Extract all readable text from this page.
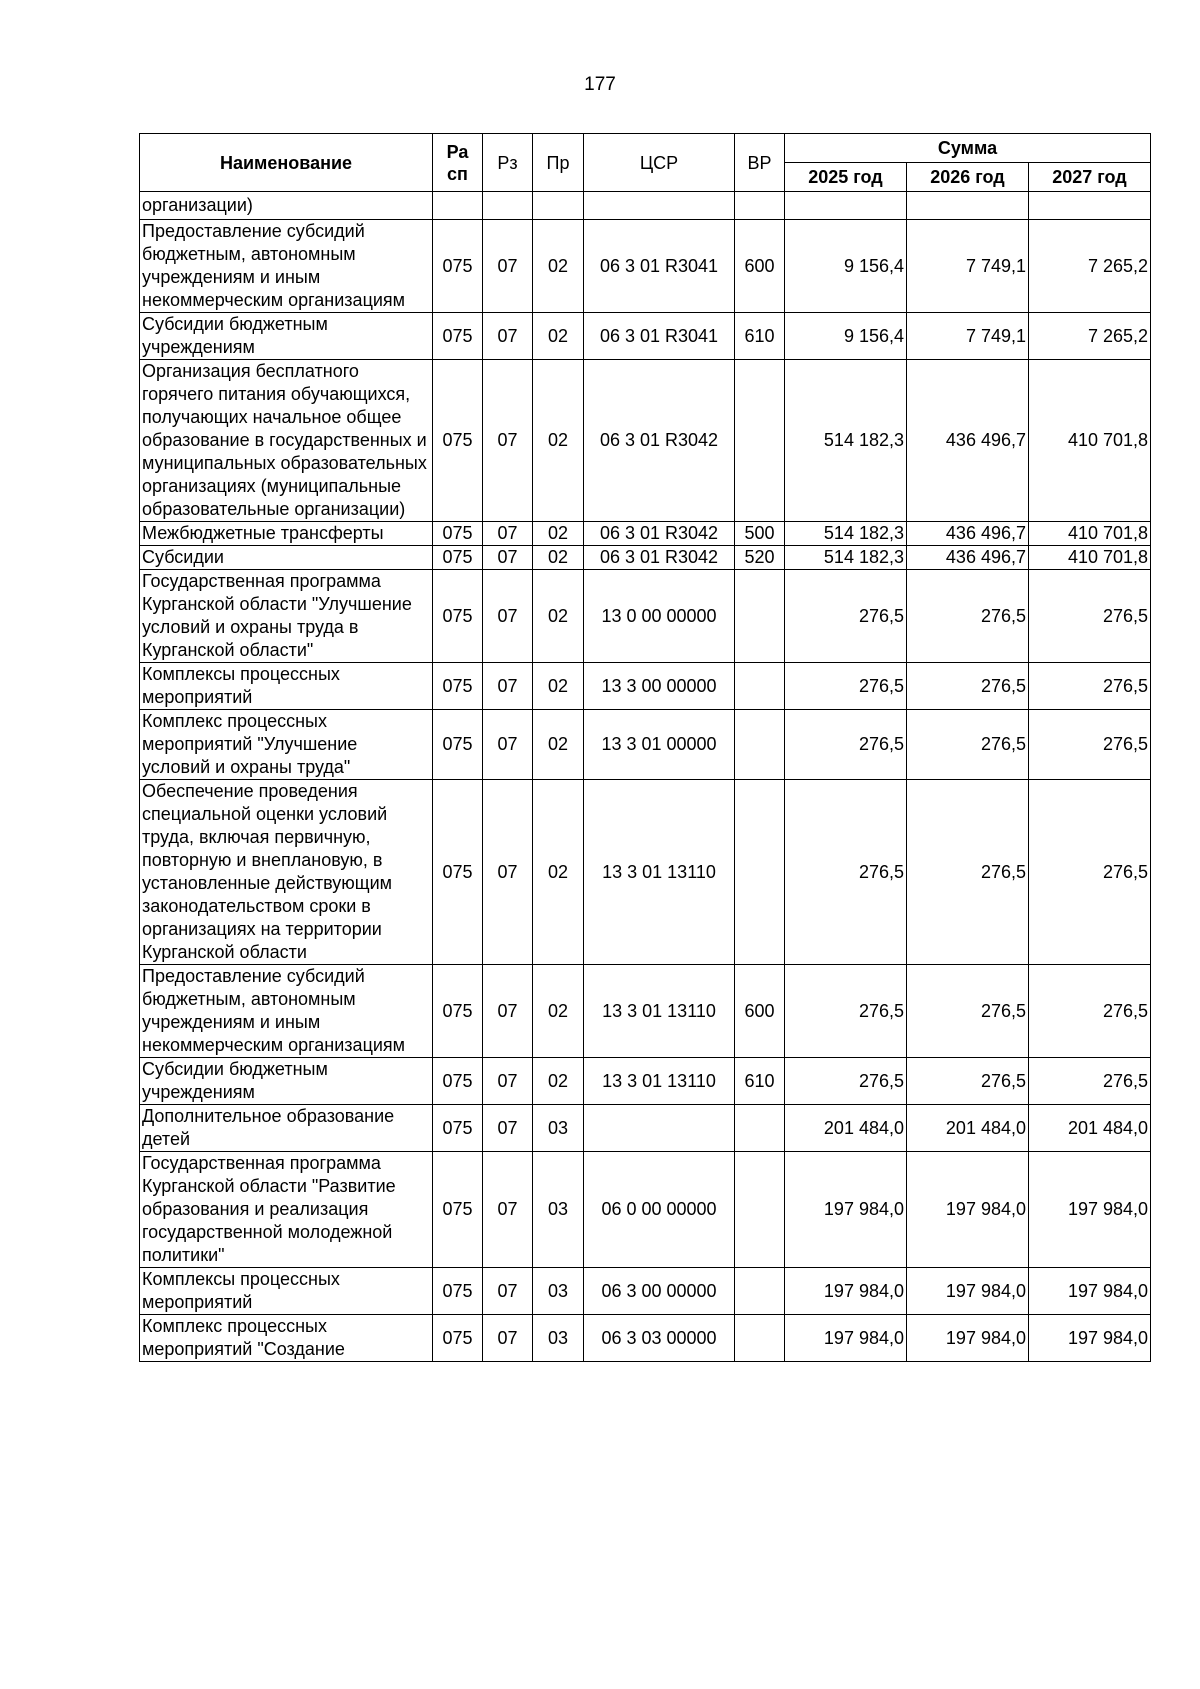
177
Наименование	Ра сп	Рз	Пр	ЦСР	ВР	Сумма		
						2025 год	2026 год	2027 год
организации)								
Предоставление субсидий бюджетным, автономным учреждениям и иным некоммерческим организациям	075	07	02	06 3 01 R3041	600	9 156,4	7 749,1	7 265,2
Субсидии бюджетным учреждениям	075	07	02	06 3 01 R3041	610	9 156,4	7 749,1	7 265,2
Организация бесплатного горячего питания обучающихся, получающих начальное общее образование в государственных и муниципальных образовательных организациях (муниципальные образовательные организации)	075	07	02	06 3 01 R3042		514 182,3	436 496,7	410 701,8
Межбюджетные трансферты	075	07	02	06 3 01 R3042	500	514 182,3	436 496,7	410 701,8
Субсидии	075	07	02	06 3 01 R3042	520	514 182,3	436 496,7	410 701,8
Государственная программа Курганской области "Улучшение условий и охраны труда в Курганской области"	075	07	02	13 0 00 00000		276,5	276,5	276,5
Комплексы процессных мероприятий	075	07	02	13 3 00 00000		276,5	276,5	276,5
Комплекс процессных мероприятий "Улучшение условий и охраны труда"	075	07	02	13 3 01 00000		276,5	276,5	276,5
Обеспечение проведения специальной оценки условий труда, включая первичную, повторную и внеплановую, в установленные действующим законодательством сроки в организациях на территории Курганской области	075	07	02	13 3 01 13110		276,5	276,5	276,5
Предоставление субсидий бюджетным, автономным учреждениям и иным некоммерческим организациям	075	07	02	13 3 01 13110	600	276,5	276,5	276,5
Субсидии бюджетным учреждениям	075	07	02	13 3 01 13110	610	276,5	276,5	276,5
Дополнительное образование детей	075	07	03			201 484,0	201 484,0	201 484,0
Государственная программа Курганской области "Развитие образования и реализация государственной молодежной политики"	075	07	03	06 0 00 00000		197 984,0	197 984,0	197 984,0
Комплексы процессных мероприятий	075	07	03	06 3 00 00000		197 984,0	197 984,0	197 984,0
Комплекс процессных мероприятий "Создание	075	07	03	06 3 03 00000		197 984,0	197 984,0	197 984,0
